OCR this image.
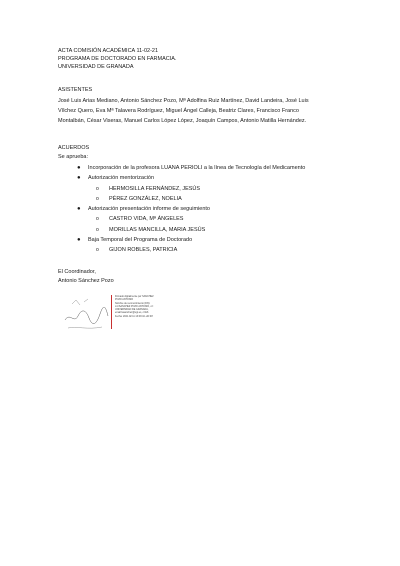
ACTA COMISIÓN ACADÉMICA 11-02-21
PROGRAMA DE DOCTORADO EN FARMACIA.
UNIVERSIDAD DE GRANADA
ASISTENTES
José Luis Arias Mediano, Antonio Sánchez Pozo, Mª Adolfina Ruiz Martínez, David Landeira, José Luis
Vílchez Quero, Eva Mª Talavera Rodríguez, Miguel Ángel Calleja, Beatriz Clares, Francisco Franco
Montalbán, César Viseras, Manuel Carlos López López, Joaquín Campos, Antonio Matilla Hernández.
ACUERDOS
Se aprueba:
● Incorporación de la profesora LUANA PERIOLI a la línea de Tecnología del Medicamento
● Autorización mentorización
o HERMOSILLA FERNÁNDEZ, JESÚS
o PÉREZ GONZÁLEZ, NOELIA
● Autorización presentación informe de seguimiento
o CASTRO VIDA, Mª ÁNGELES
o MORILLAS MANCILLA, MARIA JESÚS
● Baja Temporal del Programa de Doctorado
o GIJON ROBLES, PATRICIA
El Coordinador,
Antonio Sánchez Pozo
Firmado digitalmente por SANCHEZ
POZO ANTONIO
Nombre de reconocimiento (DN):
cn=SANCHEZ POZO ANTONIO, o=
UNIVERSIDAD DE GRANADA,
email=asanchez@ugr.es, c=ES
Fecha: 2021.02.11 13:09:44 +01'00'
